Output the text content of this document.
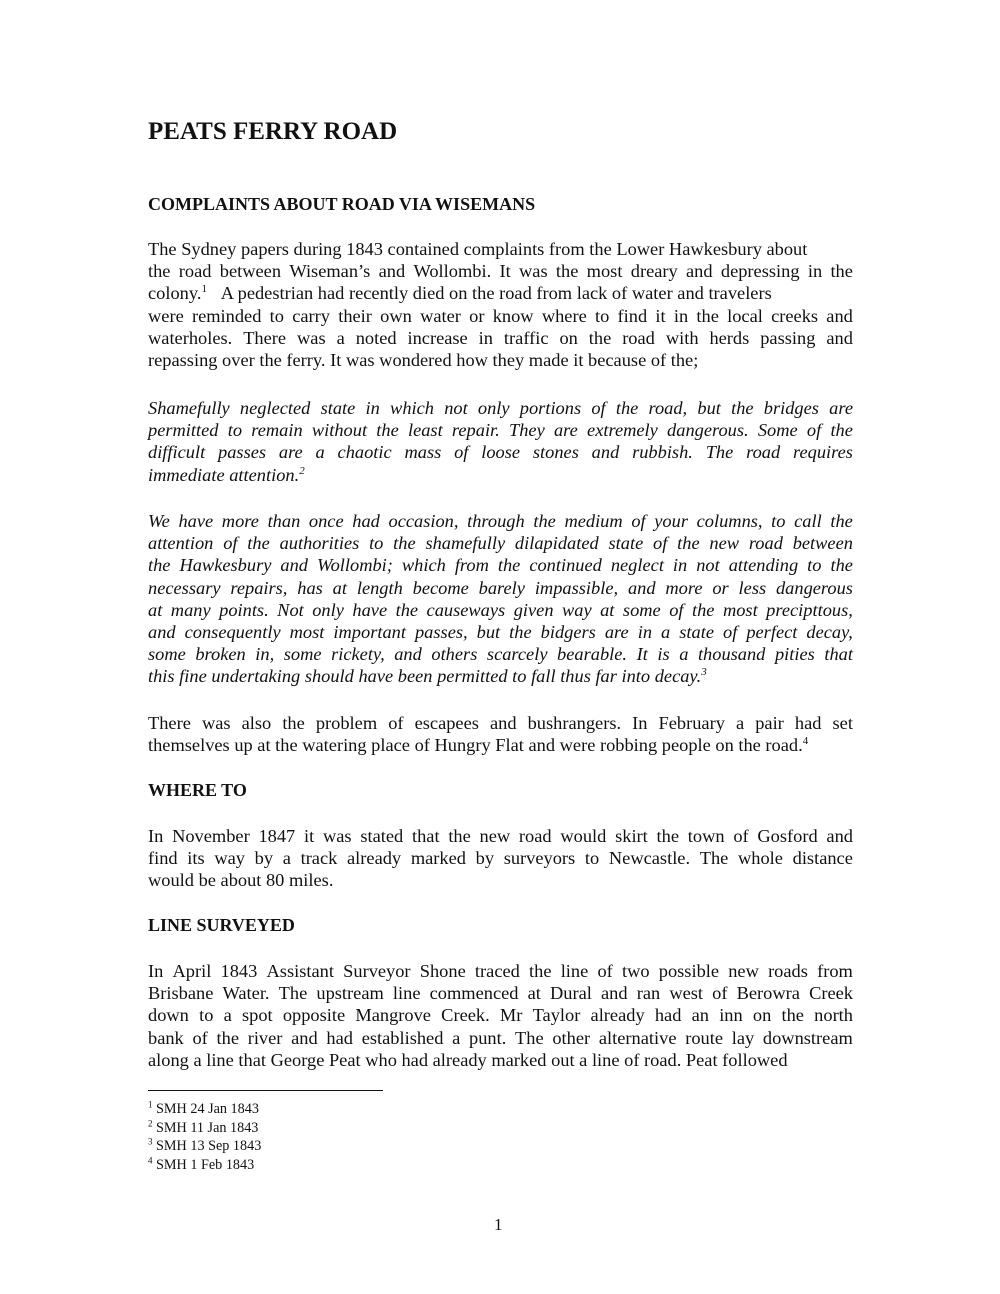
PEATS FERRY ROAD
COMPLAINTS ABOUT ROAD VIA WISEMANS
The Sydney papers during 1843 contained complaints from the Lower Hawkesbury about
the road between Wiseman’s and Wollombi. It was the most dreary and depressing in the
colony.$^1$ A pedestrian had recently died on the road from lack of water and travelers
were reminded to carry their own water or know where to find it in the local creeks and
waterholes. There was a noted increase in traffic on the road with herds passing and
repassing over the ferry. It was wondered how they made it because of the;
Shamefully neglected state in which not only portions of the road, but the bridges are
permitted to remain without the least repair. They are extremely dangerous. Some of the
difficult passes are a chaotic mass of loose stones and rubbish. The road requires
immediate attention.$^2$
We have more than once had occasion, through the medium of your columns, to call the
attention of the authorities to the shamefully dilapidated state of the new road between
the Hawkesbury and Wollombi; which from the continued neglect in not attending to the
necessary repairs, has at length become barely impassible, and more or less dangerous
at many points. Not only have the causeways given way at some of the most precipttous,
and consequently most important passes, but the bidgers are in a state of perfect decay,
some broken in, some rickety, and others scarcely bearable. It is a thousand pities that
this fine undertaking should have been permitted to fall thus far into decay.$^3$
There was also the problem of escapees and bushrangers. In February a pair had set
themselves up at the watering place of Hungry Flat and were robbing people on the road.$^4$
WHERE TO
In November 1847 it was stated that the new road would skirt the town of Gosford and
find its way by a track already marked by surveyors to Newcastle. The whole distance
would be about 80 miles.
LINE SURVEYED
In April 1843 Assistant Surveyor Shone traced the line of two possible new roads from
Brisbane Water. The upstream line commenced at Dural and ran west of Berowra Creek
down to a spot opposite Mangrove Creek. Mr Taylor already had an inn on the north
bank of the river and had established a punt. The other alternative route lay downstream
along a line that George Peat who had already marked out a line of road. Peat followed
$^1$ SMH 24 Jan 1843
$^2$ SMH 11 Jan 1843
$^3$ SMH 13 Sep 1843
$^4$ SMH 1 Feb 1843
1
